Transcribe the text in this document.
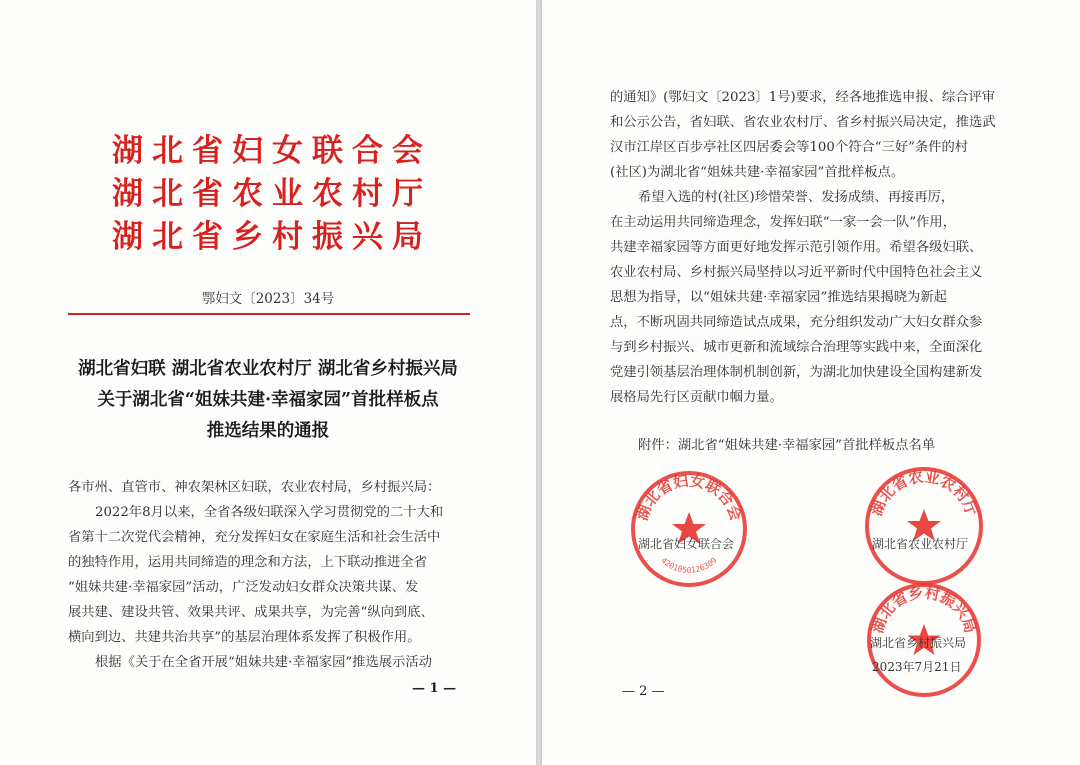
湖北省妇女联合会
湖北省农业农村厅
湖北省乡村振兴局
鄂妇文〔2023〕34号
湖北省妇联 湖北省农业农村厅 湖北省乡村振兴局
关于湖北省“姐妹共建·幸福家园”首批样板点
推选结果的通报
各市州、直管市、神农架林区妇联，农业农村局，乡村振兴局：
2022年8月以来，全省各级妇联深入学习贯彻党的二十大和
省第十二次党代会精神，充分发挥妇女在家庭生活和社会生活中
的独特作用，运用共同缔造的理念和方法，上下联动推进全省
“姐妹共建·幸福家园”活动，广泛发动妇女群众决策共谋、发
展共建、建设共管、效果共评、成果共享，为完善“纵向到底、
横向到边、共建共治共享”的基层治理体系发挥了积极作用。
根据《关于在全省开展“姐妹共建·幸福家园”推选展示活动
— 1 —
的通知》(鄂妇文〔2023〕1号)要求，经各地推选申报、综合评审
和公示公告，省妇联、省农业农村厅、省乡村振兴局决定，推选武
汉市江岸区百步亭社区四居委会等100个符合“三好”条件的村
(社区)为湖北省“姐妹共建·幸福家园”首批样板点。
希望入选的村(社区)珍惜荣誉、发扬成绩、再接再厉，
在主动运用共同缔造理念，发挥妇联“一家一会一队”作用，
共建幸福家园等方面更好地发挥示范引领作用。希望各级妇联、
农业农村局、乡村振兴局坚持以习近平新时代中国特色社会主义
思想为指导，以“姐妹共建·幸福家园”推选结果揭晓为新起
点，不断巩固共同缔造试点成果，充分组织发动广大妇女群众参
与到乡村振兴、城市更新和流域综合治理等实践中来，全面深化
党建引领基层治理体制机制创新，为湖北加快建设全国构建新发
展格局先行区贡献巾帼力量。
附件：湖北省“姐妹共建·幸福家园”首批样板点名单
湖北省妇女联合会
4201050126309
湖北省农业农村厅
湖北省乡村振兴局
湖北省妇女联合会	湖北省农业农村厅
湖北省乡村振兴局
2023年7月21日
— 2 —
